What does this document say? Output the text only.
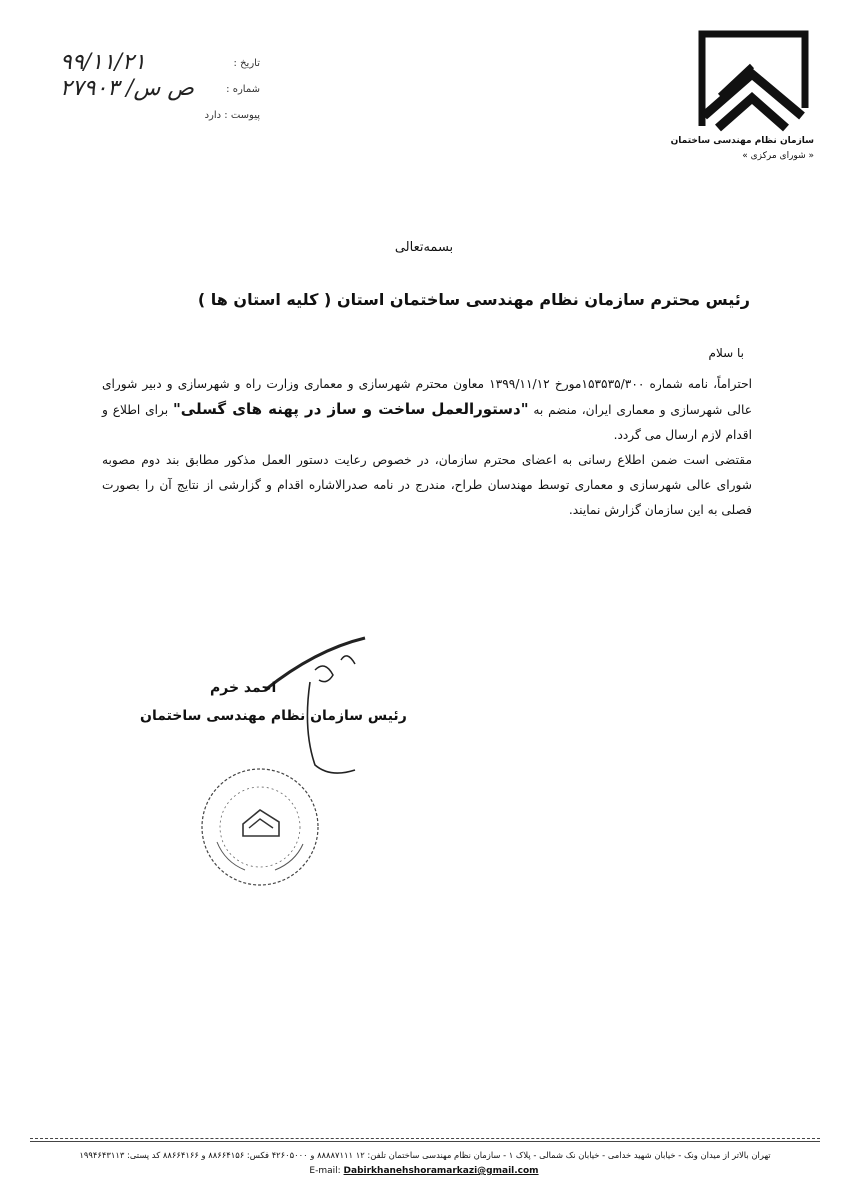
سازمان نظام مهندسی ساختمان
« شورای مرکزی »
تاریخ :
۹۹/۱۱/۲۱
شماره :
ص س/ ۲۷۹۰۳
پیوست : دارد
بسمه‌تعالی
رئیس محترم سازمان نظام مهندسی ساختمان استان ( کلیه استان ها )
با سلام

احتراماً، نامه شماره ۱۵۳۵۳۵/۳۰۰مورخ ۱۳۹۹/۱۱/۱۲ معاون محترم شهرسازی و معماری وزارت راه و شهرسازی و دبیر شورای عالی شهرسازی و معماری ایران، منضم به "دستورالعمل ساخت و ساز در پهنه های گسلی" برای اطلاع و اقدام لازم ارسال می گردد.

مقتضی است ضمن اطلاع رسانی به اعضای محترم سازمان، در خصوص رعایت دستور العمل مذکور مطابق بند دوم مصوبه شورای عالی شهرسازی و معماری توسط مهندسان طراح، مندرج در نامه صدرالاشاره اقدام و گزارشی از نتایج آن را بصورت فصلی به این سازمان گزارش نمایند.

احمد خرم
رئیس سازمان نظام مهندسی ساختمان
تهران بالاتر از میدان ونک - خیابان شهید خدامی - خیابان نک شمالی - پلاک ۱ - سازمان نظام مهندسی ساختمان تلفن: ۱۲ ۸۸۸۸۷۱۱۱ و ۴۲۶۰۵۰۰۰ فکس: ۸۸۶۶۴۱۵۶ و ۸۸۶۶۴۱۶۶ کد پستی: ۱۹۹۴۶۴۳۱۱۳
E-mail: Dabirkhanehshoramarkazi@gmail.com
